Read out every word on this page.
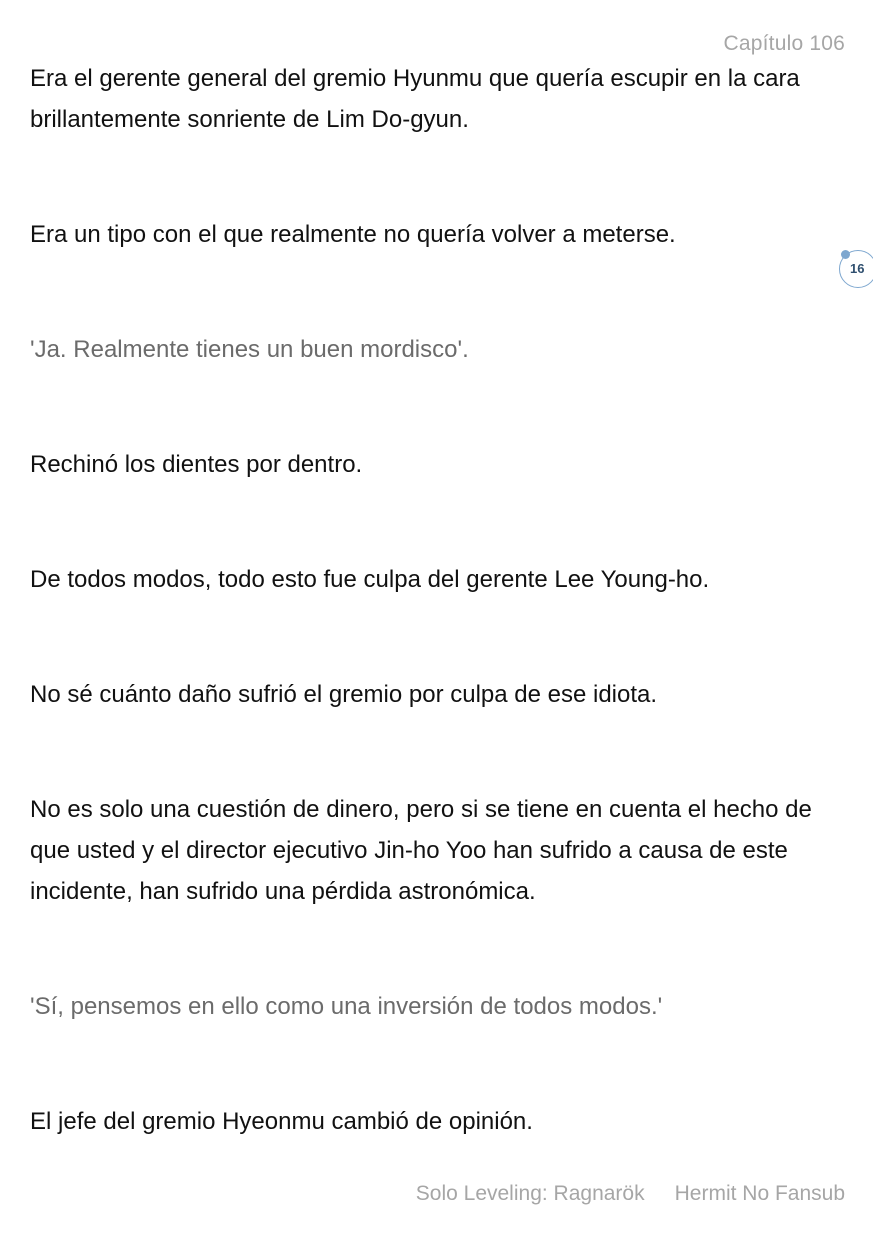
Capítulo 106

Era el gerente general del gremio Hyunmu que quería escupir en la cara brillantemente sonriente de Lim Do-gyun.

Era un tipo con el que realmente no quería volver a meterse.

'Ja. Realmente tienes un buen mordisco'.

Rechinó los dientes por dentro.

De todos modos, todo esto fue culpa del gerente Lee Young-ho.

No sé cuánto daño sufrió el gremio por culpa de ese idiota.

No es solo una cuestión de dinero, pero si se tiene en cuenta el hecho de que usted y el director ejecutivo Jin-ho Yoo han sufrido a causa de este incidente, han sufrido una pérdida astronómica.

'Sí, pensemos en ello como una inversión de todos modos.'

El jefe del gremio Hyeonmu cambió de opinión.

16
Solo Leveling: Ragnarök Hermit No Fansub
